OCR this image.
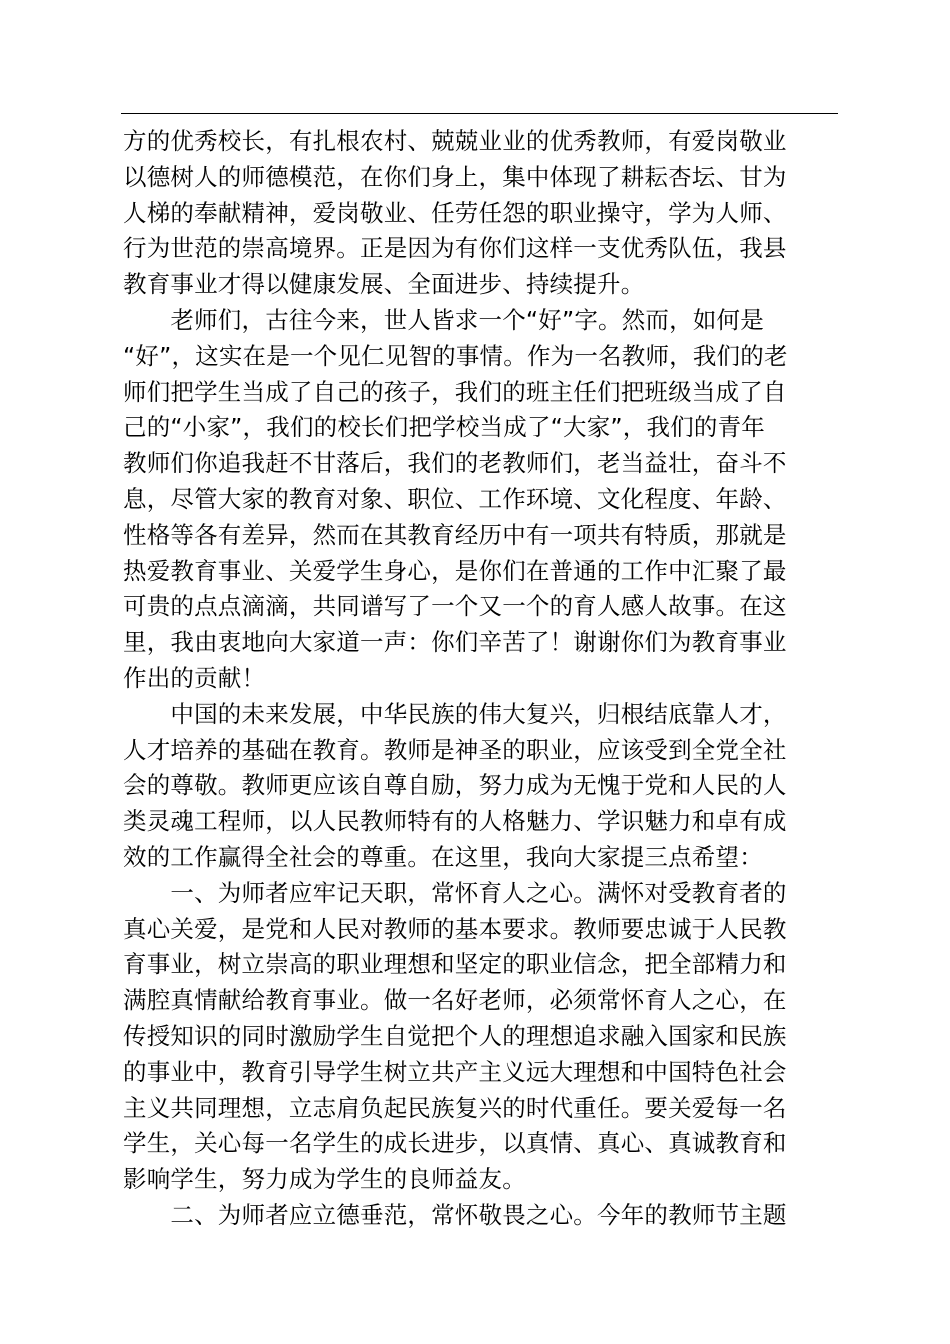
方的优秀校长，有扎根农村、兢兢业业的优秀教师，有爱岗敬业
以德树人的师德模范，在你们身上，集中体现了耕耘杏坛、甘为
人梯的奉献精神，爱岗敬业、任劳任怨的职业操守，学为人师、
行为世范的崇高境界。正是因为有你们这样一支优秀队伍，我县
教育事业才得以健康发展、全面进步、持续提升。
　　老师们，古往今来，世人皆求一个“好”字。然而，如何是
“好”，这实在是一个见仁见智的事情。作为一名教师，我们的老
师们把学生当成了自己的孩子，我们的班主任们把班级当成了自
己的“小家”，我们的校长们把学校当成了“大家”，我们的青年
教师们你追我赶不甘落后，我们的老教师们，老当益壮，奋斗不
息，尽管大家的教育对象、职位、工作环境、文化程度、年龄、
性格等各有差异，然而在其教育经历中有一项共有特质，那就是
热爱教育事业、关爱学生身心，是你们在普通的工作中汇聚了最
可贵的点点滴滴，共同谱写了一个又一个的育人感人故事。在这
里，我由衷地向大家道一声：你们辛苦了！谢谢你们为教育事业
作出的贡献！
　　中国的未来发展，中华民族的伟大复兴，归根结底靠人才，
人才培养的基础在教育。教师是神圣的职业，应该受到全党全社
会的尊敬。教师更应该自尊自励，努力成为无愧于党和人民的人
类灵魂工程师，以人民教师特有的人格魅力、学识魅力和卓有成
效的工作赢得全社会的尊重。在这里，我向大家提三点希望：
　　一、为师者应牢记天职，常怀育人之心。满怀对受教育者的
真心关爱，是党和人民对教师的基本要求。教师要忠诚于人民教
育事业，树立崇高的职业理想和坚定的职业信念，把全部精力和
满腔真情献给教育事业。做一名好老师，必须常怀育人之心，在
传授知识的同时激励学生自觉把个人的理想追求融入国家和民族
的事业中，教育引导学生树立共产主义远大理想和中国特色社会
主义共同理想，立志肩负起民族复兴的时代重任。要关爱每一名
学生，关心每一名学生的成长进步，以真情、真心、真诚教育和
影响学生，努力成为学生的良师益友。
　　二、为师者应立德垂范，常怀敬畏之心。今年的教师节主题
